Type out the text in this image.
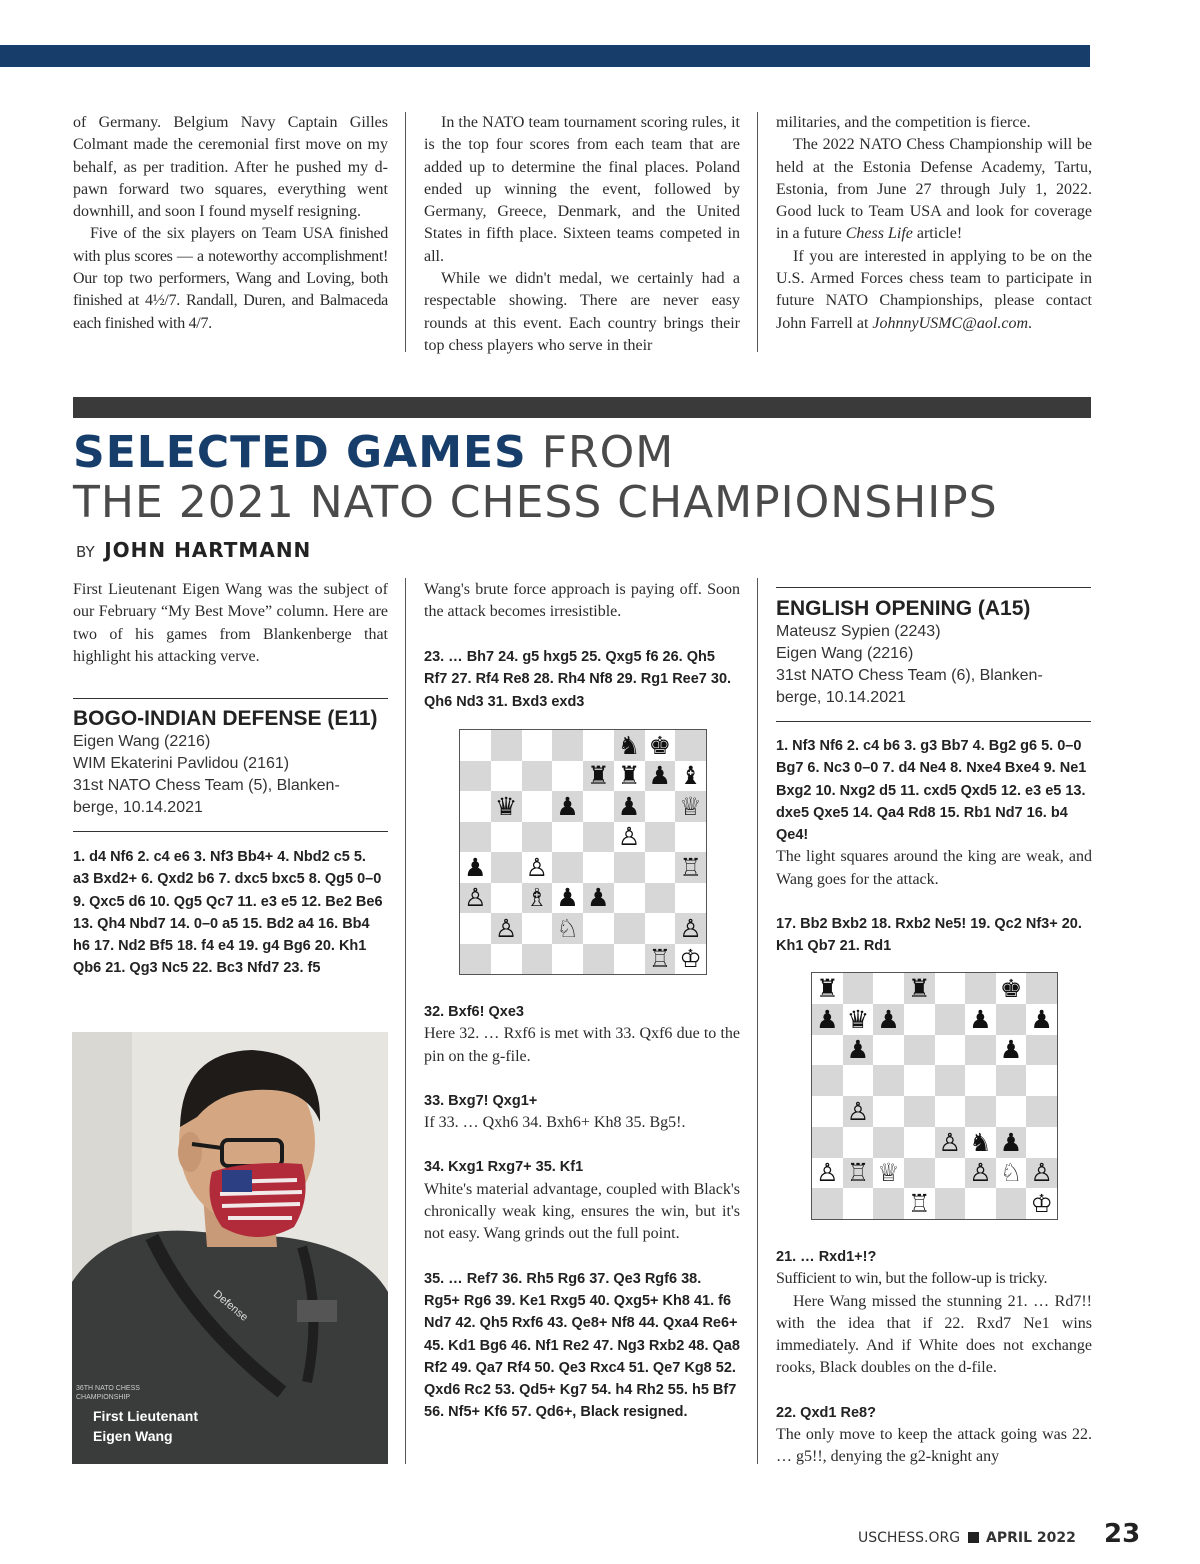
of Germany. Belgium Navy Captain Gilles Colmant made the ceremonial first move on my behalf, as per tradition. After he pushed my d-pawn forward two squares, everything went downhill, and soon I found myself resigning.

Five of the six players on Team USA finished with plus scores — a noteworthy accomplishment! Our top two performers, Wang and Loving, both finished at 4½/7. Randall, Duren, and Balmaceda each finished with 4/7.

In the NATO team tournament scoring rules, it is the top four scores from each team that are added up to determine the final places. Poland ended up winning the event, followed by Germany, Greece, Denmark, and the United States in fifth place. Sixteen teams competed in all.

While we didn't medal, we certainly had a respectable showing. There are never easy rounds at this event. Each country brings their top chess players who serve in their

militaries, and the competition is fierce.

The 2022 NATO Chess Championship will be held at the Estonia Defense Academy, Tartu, Estonia, from June 27 through July 1, 2022. Good luck to Team USA and look for coverage in a future Chess Life article!

If you are interested in applying to be on the U.S. Armed Forces chess team to participate in future NATO Championships, please contact John Farrell at JohnnyUSMC@aol.com.

SELECTED GAMES FROM
THE 2021 NATO CHESS CHAMPIONSHIPS
BY JOHN HARTMANN

First Lieutenant Eigen Wang was the subject of our February “My Best Move” column. Here are two of his games from Blankenberge that highlight his attacking verve.

BOGO-INDIAN DEFENSE (E11)

Eigen Wang (2216)
WIM Ekaterini Pavlidou (2161)
31st NATO Chess Team (5), Blanken-
berge, 10.14.2021
1. d4 Nf6 2. c4 e6 3. Nf3 Bb4+ 4. Nbd2 c5 5. a3 Bxd2+ 6. Qxd2 b6 7. dxc5 bxc5 8. Qg5 0–0 9. Qxc5 d6 10. Qg5 Qc7 11. e3 e5 12. Be2 Be6 13. Qh4 Nbd7 14. 0–0 a5 15. Bd2 a4 16. Bb4 h6 17. Nd2 Bf5 18. f4 e4 19. g4 Bg6 20. Kh1 Qb6 21. Qg3 Nc5 22. Bc3 Nfd7 23. f5
Defense
36TH NATO CHESS CHAMPIONSHIP
First Lieutenant
Eigen Wang

Wang's brute force approach is paying off. Soon the attack becomes irresistible.

23. … Bh7 24. g5 hxg5 25. Qxg5 f6 26. Qh5 Rf7 27. Rf4 Re8 28. Rh4 Nf8 29. Rg1 Ree7 30. Qh6 Nd3 31. Bxd3 exd3
♞ ♚
♜ ♜ ♟ ♝
♛ ♟ ♟ ♕
♙
♟ ♙	♖
♙ ♗ ♟ ♟
♙ ♘	♙
♖ ♔
32. Bxf6! Qxe3

Here 32. … Rxf6 is met with 33. Qxf6 due to the pin on the g-file.

33. Bxg7! Qxg1+

If 33. … Qxh6 34. Bxh6+ Kh8 35. Bg5!.

34. Kxg1 Rxg7+ 35. Kf1

White's material advantage, coupled with Black's chronically weak king, ensures the win, but it's not easy. Wang grinds out the full point.

35. … Ref7 36. Rh5 Rg6 37. Qe3 Rgf6 38. Rg5+ Rg6 39. Ke1 Rxg5 40. Qxg5+ Kh8 41. f6 Nd7 42. Qh5 Rxf6 43. Qe8+ Nf8 44. Qxa4 Re6+ 45. Kd1 Bg6 46. Nf1 Re2 47. Ng3 Rxb2 48. Qa8 Rf2 49. Qa7 Rf4 50. Qe3 Rxc4 51. Qe7 Kg8 52. Qxd6 Rc2 53. Qd5+ Kg7 54. h4 Rh2 55. h5 Bf7 56. Nf5+ Kf6 57. Qd6+, Black resigned.

ENGLISH OPENING (A15)

Mateusz Sypien (2243)
Eigen Wang (2216)
31st NATO Chess Team (6), Blanken-
berge, 10.14.2021
1. Nf3 Nf6 2. c4 b6 3. g3 Bb7 4. Bg2 g6 5. 0–0 Bg7 6. Nc3 0–0 7. d4 Ne4 8. Nxe4 Bxe4 9. Ne1 Bxg2 10. Nxg2 d5 11. cxd5 Qxd5 12. e3 e5 13. dxe5 Qxe5 14. Qa4 Rd8 15. Rb1 Nd7 16. b4 Qe4!

The light squares around the king are weak, and Wang goes for the attack.

17. Bb2 Bxb2 18. Rxb2 Ne5! 19. Qc2 Nf3+ 20. Kh1 Qb7 21. Rd1
♜	♜	♚
♟ ♛ ♟	♟ ♟
♟	♟
♙
♙ ♞ ♟
♙ ♖ ♕	♙ ♘ ♙
♖	♔
21. … Rxd1+!?

Sufficient to win, but the follow-up is tricky.

Here Wang missed the stunning 21. … Rd7!! with the idea that if 22. Rxd7 Ne1 wins immediately. And if White does not exchange rooks, Black doubles on the d-file.

22. Qxd1 Re8?

The only move to keep the attack going was 22. … g5!!, denying the g2-knight any

USCHESS.ORG APRIL 2022 23
